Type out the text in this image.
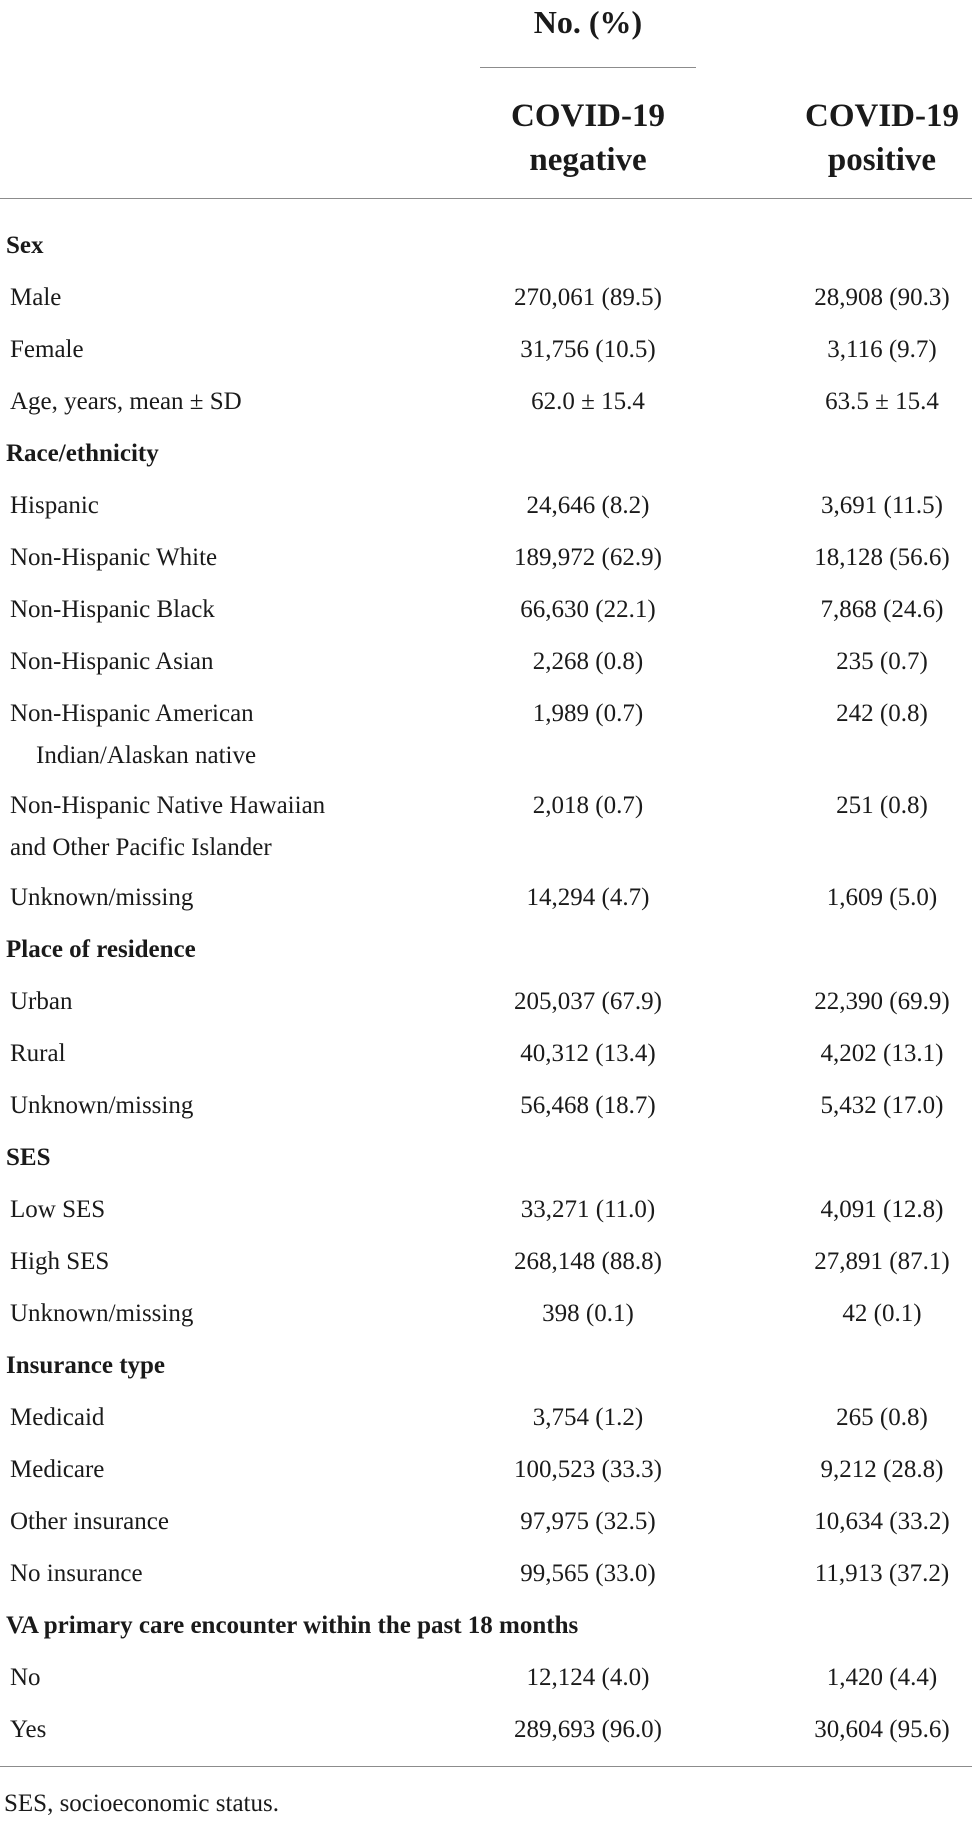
No. (%)
COVID-19
negative
COVID-19
positive
Sex
Male	270,061 (89.5)	28,908 (90.3)
Female	31,756 (10.5)	3,116 (9.7)
Age, years, mean ± SD	62.0 ± 15.4	63.5 ± 15.4
Race/ethnicity
Hispanic	24,646 (8.2)	3,691 (11.5)
Non-Hispanic White	189,972 (62.9)	18,128 (56.6)
Non-Hispanic Black	66,630 (22.1)	7,868 (24.6)
Non-Hispanic Asian	2,268 (0.8)	235 (0.7)
Non-Hispanic American
Indian/Alaskan native
1,989 (0.7)	242 (0.8)
Non-Hispanic Native Hawaiian
and Other Pacific Islander
2,018 (0.7)	251 (0.8)
Unknown/missing	14,294 (4.7)	1,609 (5.0)
Place of residence
Urban	205,037 (67.9)	22,390 (69.9)
Rural	40,312 (13.4)	4,202 (13.1)
Unknown/missing	56,468 (18.7)	5,432 (17.0)
SES
Low SES	33,271 (11.0)	4,091 (12.8)
High SES	268,148 (88.8)	27,891 (87.1)
Unknown/missing	398 (0.1)	42 (0.1)
Insurance type
Medicaid	3,754 (1.2)	265 (0.8)
Medicare	100,523 (33.3)	9,212 (28.8)
Other insurance	97,975 (32.5)	10,634 (33.2)
No insurance	99,565 (33.0)	11,913 (37.2)
VA primary care encounter within the past 18 months
No	12,124 (4.0)	1,420 (4.4)
Yes	289,693 (96.0)	30,604 (95.6)
SES, socioeconomic status.
